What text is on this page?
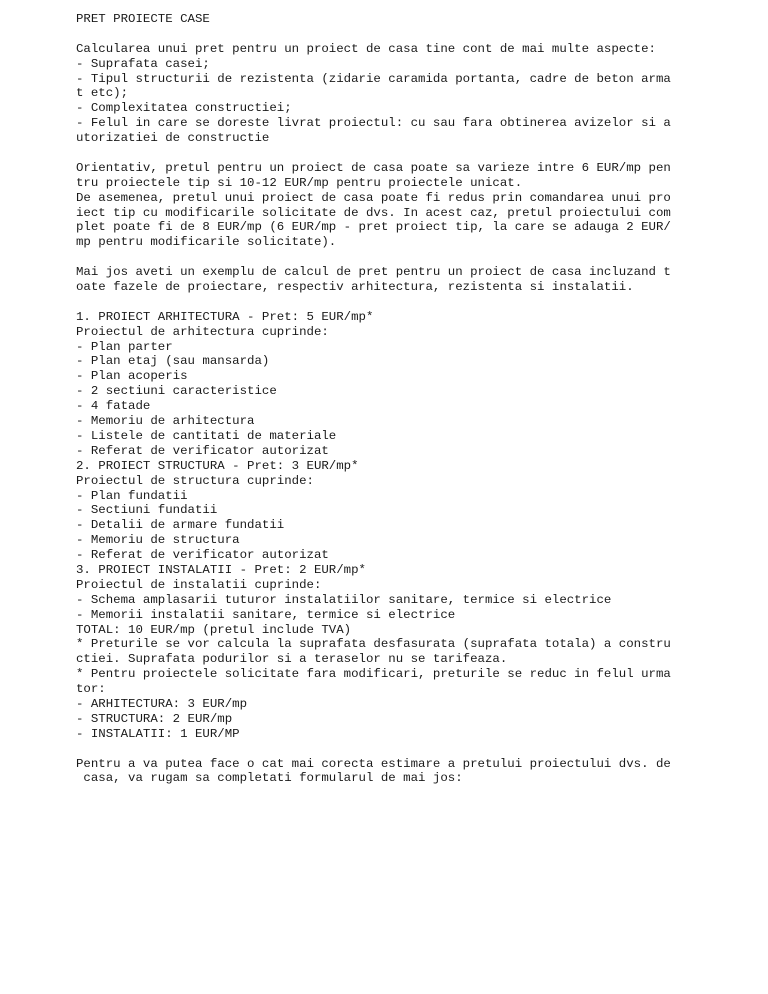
PRET PROIECTE CASE
Calcularea unui pret pentru un proiect de casa tine cont de mai multe aspecte:
- Suprafata casei;
- Tipul structurii de rezistenta (zidarie caramida portanta, cadre de beton arma
t etc);
- Complexitatea constructiei;
- Felul in care se doreste livrat proiectul: cu sau fara obtinerea avizelor si a
utorizatiei de constructie
Orientativ, pretul pentru un proiect de casa poate sa varieze intre 6 EUR/mp pen
tru proiectele tip si 10-12 EUR/mp pentru proiectele unicat.
De asemenea, pretul unui proiect de casa poate fi redus prin comandarea unui pro
iect tip cu modificarile solicitate de dvs. In acest caz, pretul proiectului com
plet poate fi de 8 EUR/mp (6 EUR/mp - pret proiect tip, la care se adauga 2 EUR/
mp pentru modificarile solicitate).
Mai jos aveti un exemplu de calcul de pret pentru un proiect de casa incluzand t
oate fazele de proiectare, respectiv arhitectura, rezistenta si instalatii.
1. PROIECT ARHITECTURA - Pret: 5 EUR/mp*
Proiectul de arhitectura cuprinde:
- Plan parter
- Plan etaj (sau mansarda)
- Plan acoperis
- 2 sectiuni caracteristice
- 4 fatade
- Memoriu de arhitectura
- Listele de cantitati de materiale
- Referat de verificator autorizat
2. PROIECT STRUCTURA - Pret: 3 EUR/mp*
Proiectul de structura cuprinde:
- Plan fundatii
- Sectiuni fundatii
- Detalii de armare fundatii
- Memoriu de structura
- Referat de verificator autorizat
3. PROIECT INSTALATII - Pret: 2 EUR/mp*
Proiectul de instalatii cuprinde:
- Schema amplasarii tuturor instalatiilor sanitare, termice si electrice
- Memorii instalatii sanitare, termice si electrice
TOTAL: 10 EUR/mp (pretul include TVA)
* Preturile se vor calcula la suprafata desfasurata (suprafata totala) a constru
ctiei. Suprafata podurilor si a teraselor nu se tarifeaza.
* Pentru proiectele solicitate fara modificari, preturile se reduc in felul urma
tor:
- ARHITECTURA: 3 EUR/mp
- STRUCTURA: 2 EUR/mp
- INSTALATII: 1 EUR/MP
Pentru a va putea face o cat mai corecta estimare a pretului proiectului dvs. de
casa, va rugam sa completati formularul de mai jos:
